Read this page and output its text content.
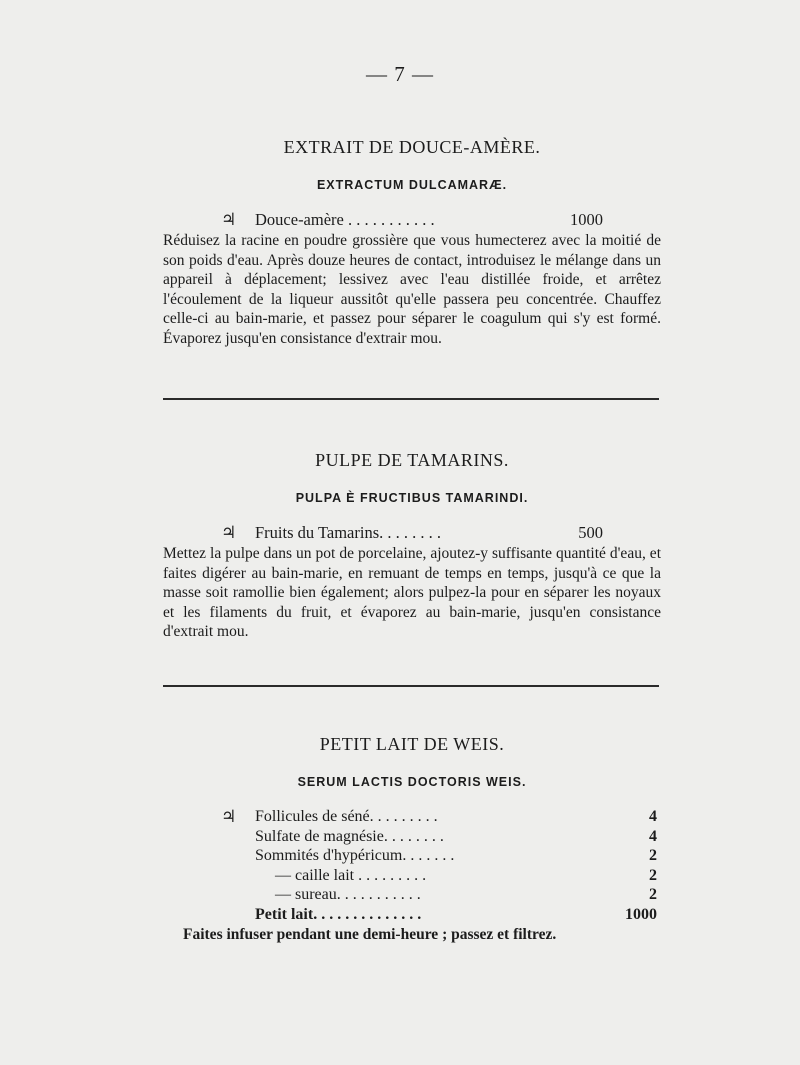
— 7 —

EXTRAIT DE DOUCE-AMÈRE.

EXTRACTUM DULCAMARÆ.

♃ Douce-amère . . . . . . . . . . .	1000

Réduisez la racine en poudre grossière que vous humecterez avec la moitié de son poids d'eau. Après douze heures de contact, introduisez le mélange dans un appareil à déplacement; lessivez avec l'eau distillée froide, et arrêtez l'écoulement de la liqueur aussitôt qu'elle passera peu concentrée. Chauffez celle-ci au bain-marie, et passez pour séparer le coagulum qui s'y est formé. Évaporez jusqu'en consistance d'extrair mou.

PULPE DE TAMARINS.

PULPA È FRUCTIBUS TAMARINDI.

♃ Fruits du Tamarins. . . . . . . .	500

Mettez la pulpe dans un pot de porcelaine, ajoutez-y suffisante quantité d'eau, et faites digérer au bain-marie, en remuant de temps en temps, jusqu'à ce que la masse soit ramollie bien également; alors pulpez-la pour en séparer les noyaux et les filaments du fruit, et évaporez au bain-marie, jusqu'en consistance d'extrait mou.

PETIT LAIT DE WEIS.

SERUM LACTIS DOCTORIS WEIS.

♃ Follicules de séné. . . . . . . . .	4
Sulfate de magnésie. . . . . . . .	4
Sommités d'hypéricum. . . . . . .	2
— caille lait . . . . . . . . .	2
— sureau. . . . . . . . . . .	2
Petit lait. . . . . . . . . . . . . .	1000

Faites infuser pendant une demi-heure ; passez et filtrez.
